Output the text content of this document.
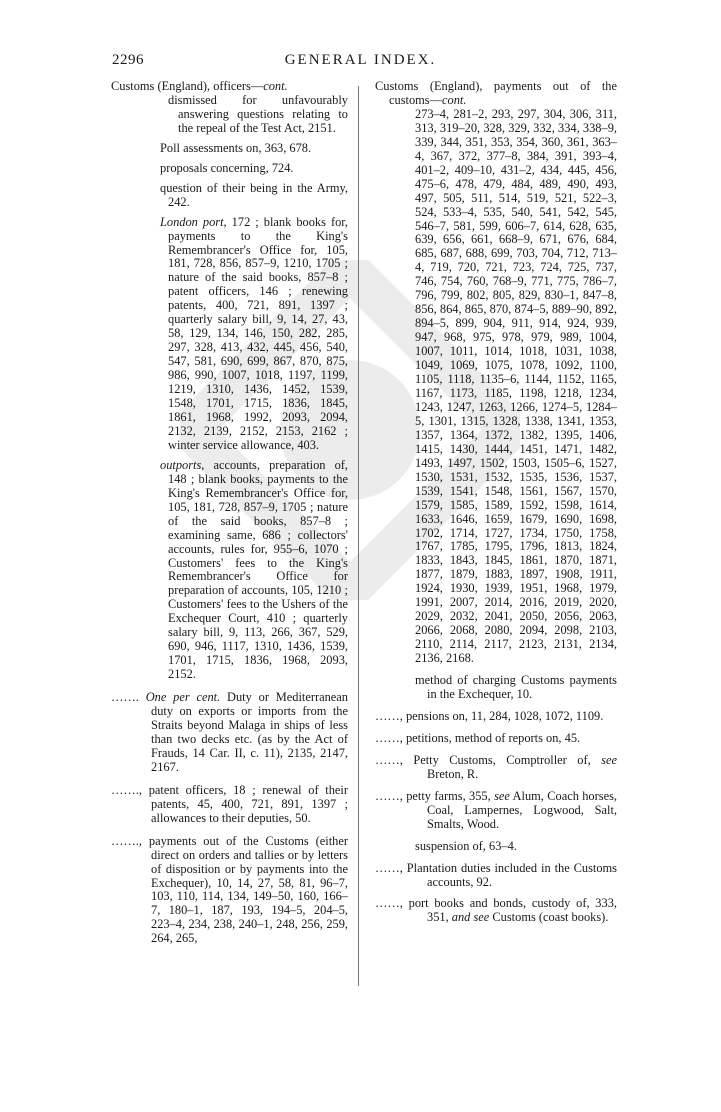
2296	GENERAL INDEX.
Customs (England), officers—cont.
dismissed for unfavourably answering questions relating to the repeal of the Test Act, 2151.
Poll assessments on, 363, 678.
proposals concerning, 724.
question of their being in the Army, 242.
London port, 172 ; blank books for, payments to the King's Remembrancer's Office for, 105, 181, 728, 856, 857–9, 1210, 1705 ; nature of the said books, 857–8 ; patent officers, 146 ; renewing patents, 400, 721, 891, 1397 ; quarterly salary bill, 9, 14, 27, 43, 58, 129, 134, 146, 150, 282, 285, 297, 328, 413, 432, 445, 456, 540, 547, 581, 690, 699, 867, 870, 875, 986, 990, 1007, 1018, 1197, 1199, 1219, 1310, 1436, 1452, 1539, 1548, 1701, 1715, 1836, 1845, 1861, 1968, 1992, 2093, 2094, 2132, 2139, 2152, 2153, 2162 ; winter service allowance, 403.
outports, accounts, preparation of, 148 ; blank books, payments to the King's Remembrancer's Office for, 105, 181, 728, 857–9, 1705 ; nature of the said books, 857–8 ; examining same, 686 ; collectors' accounts, rules for, 955–6, 1070 ; Customers' fees to the King's Remembrancer's Office for preparation of accounts, 105, 1210 ; Customers' fees to the Ushers of the Exchequer Court, 410 ; quarterly salary bill, 9, 113, 266, 367, 529, 690, 946, 1117, 1310, 1436, 1539, 1701, 1715, 1836, 1968, 2093, 2152.
……. One per cent. Duty or Mediterranean duty on exports or imports from the Straits beyond Malaga in ships of less than two decks etc. (as by the Act of Frauds, 14 Car. II, c. 11), 2135, 2147, 2167.
……., patent officers, 18 ; renewal of their patents, 45, 400, 721, 891, 1397 ; allowances to their deputies, 50.
……., payments out of the Customs (either direct on orders and tallies or by letters of disposition or by payments into the Exchequer), 10, 14, 27, 58, 81, 96–7, 103, 110, 114, 134, 149–50, 160, 166–7, 180–1, 187, 193, 194–5, 204–5, 223–4, 234, 238, 240–1, 248, 256, 259, 264, 265,
Customs (England), payments out of the customs—cont.
273–4, 281–2, 293, 297, 304, 306, 311, 313, 319–20, 328, 329, 332, 334, 338–9, 339, 344, 351, 353, 354, 360, 361, 363–4, 367, 372, 377–8, 384, 391, 393–4, 401–2, 409–10, 431–2, 434, 445, 456, 475–6, 478, 479, 484, 489, 490, 493, 497, 505, 511, 514, 519, 521, 522–3, 524, 533–4, 535, 540, 541, 542, 545, 546–7, 581, 599, 606–7, 614, 628, 635, 639, 656, 661, 668–9, 671, 676, 684, 685, 687, 688, 699, 703, 704, 712, 713–4, 719, 720, 721, 723, 724, 725, 737, 746, 754, 760, 768–9, 771, 775, 786–7, 796, 799, 802, 805, 829, 830–1, 847–8, 856, 864, 865, 870, 874–5, 889–90, 892, 894–5, 899, 904, 911, 914, 924, 939, 947, 968, 975, 978, 979, 989, 1004, 1007, 1011, 1014, 1018, 1031, 1038, 1049, 1069, 1075, 1078, 1092, 1100, 1105, 1118, 1135–6, 1144, 1152, 1165, 1167, 1173, 1185, 1198, 1218, 1234, 1243, 1247, 1263, 1266, 1274–5, 1284–5, 1301, 1315, 1328, 1338, 1341, 1353, 1357, 1364, 1372, 1382, 1395, 1406, 1415, 1430, 1444, 1451, 1471, 1482, 1493, 1497, 1502, 1503, 1505–6, 1527, 1530, 1531, 1532, 1535, 1536, 1537, 1539, 1541, 1548, 1561, 1567, 1570, 1579, 1585, 1589, 1592, 1598, 1614, 1633, 1646, 1659, 1679, 1690, 1698, 1702, 1714, 1727, 1734, 1750, 1758, 1767, 1785, 1795, 1796, 1813, 1824, 1833, 1843, 1845, 1861, 1870, 1871, 1877, 1879, 1883, 1897, 1908, 1911, 1924, 1930, 1939, 1951, 1968, 1979, 1991, 2007, 2014, 2016, 2019, 2020, 2029, 2032, 2041, 2050, 2056, 2063, 2066, 2068, 2080, 2094, 2098, 2103, 2110, 2114, 2117, 2123, 2131, 2134, 2136, 2168.
method of charging Customs payments in the Exchequer, 10.
……, pensions on, 11, 284, 1028, 1072, 1109.
……, petitions, method of reports on, 45.
……, Petty Customs, Comptroller of, see Breton, R.
……, petty farms, 355, see Alum, Coach horses, Coal, Lampernes, Logwood, Salt, Smalts, Wood.
suspension of, 63–4.
……, Plantation duties included in the Customs accounts, 92.
……, port books and bonds, custody of, 333, 351, and see Customs (coast books).
